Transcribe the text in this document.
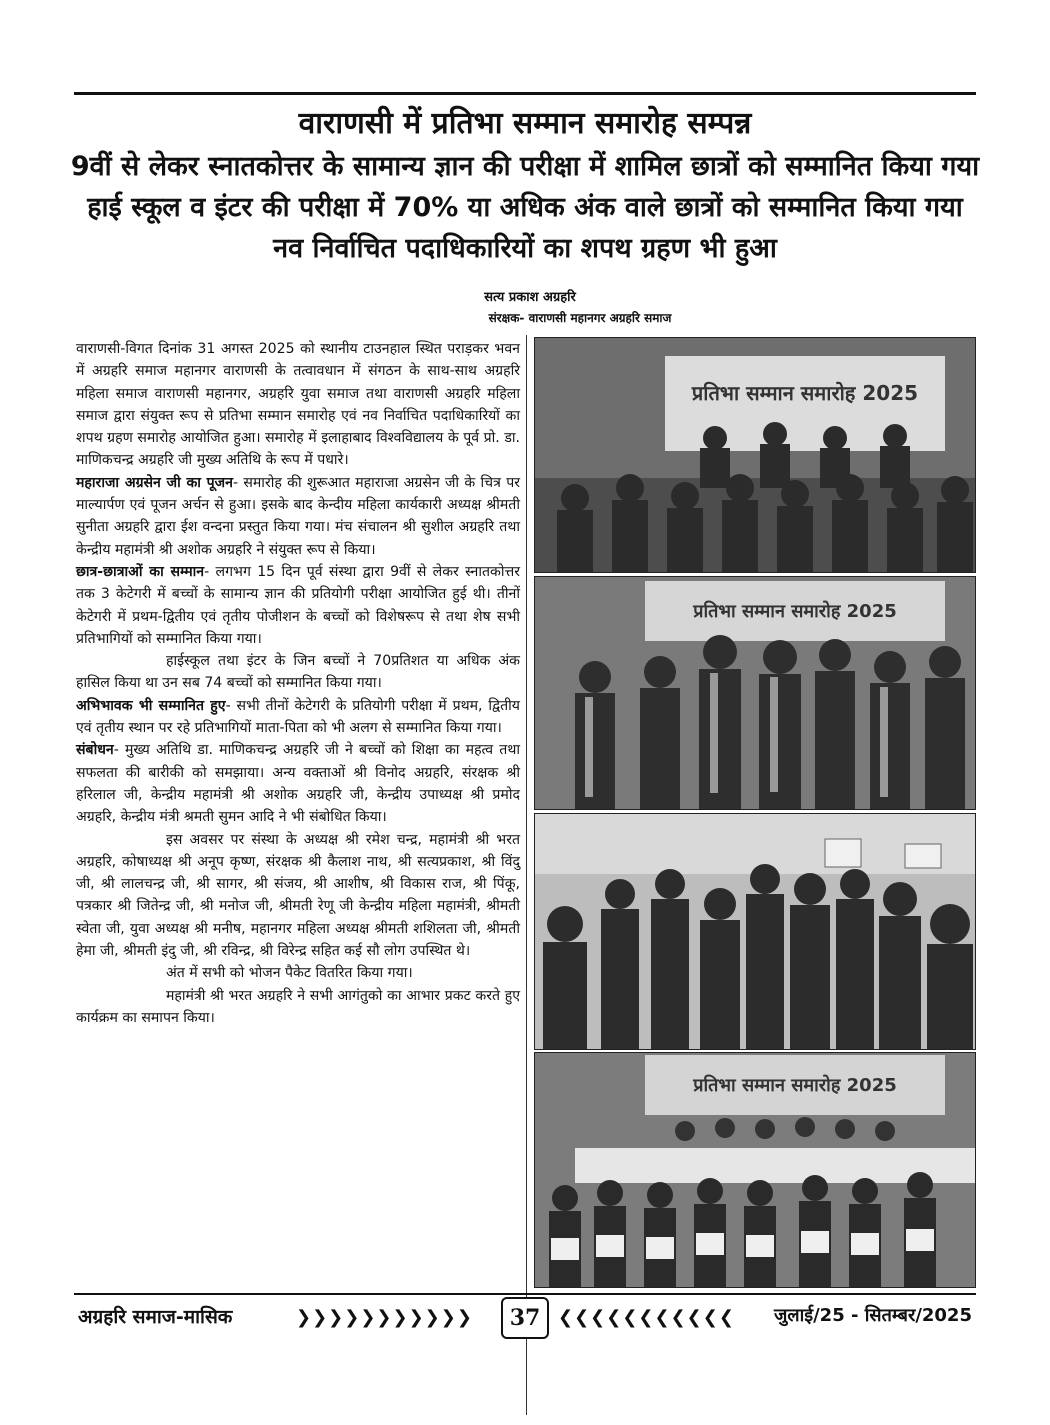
वाराणसी में प्रतिभा सम्मान समारोह सम्पन्न
9वीं से लेकर स्नातकोत्तर के सामान्य ज्ञान की परीक्षा में शामिल छात्रों को सम्मानित किया गया
हाई स्कूल व इंटर की परीक्षा में 70% या अधिक अंक वाले छात्रों को सम्मानित किया गया
नव निर्वाचित पदाधिकारियों का शपथ ग्रहण भी हुआ
सत्य प्रकाश अग्रहरि
संरक्षक- वाराणसी महानगर अग्रहरि समाज

वाराणसी-विगत दिनांक 31 अगस्त 2025 को स्थानीय टाउनहाल स्थित पराड़कर भवन में अग्रहरि समाज महानगर वाराणसी के तत्वावधान में संगठन के साथ-साथ अग्रहरि महिला समाज वाराणसी महानगर, अग्रहरि युवा समाज तथा वाराणसी अग्रहरि महिला समाज द्वारा संयुक्त रूप से प्रतिभा सम्मान समारोह एवं नव निर्वाचित पदाधिकारियों का शपथ ग्रहण समारोह आयोजित हुआ। समारोह में इलाहाबाद विश्वविद्यालय के पूर्व प्रो. डा. माणिकचन्द्र अग्रहरि जी मुख्य अतिथि के रूप में पधारे।

महाराजा अग्रसेन जी का पूजन- समारोह की शुरूआत महाराजा अग्रसेन जी के चित्र पर माल्यार्पण एवं पूजन अर्चन से हुआ। इसके बाद केन्दीय महिला कार्यकारी अध्यक्ष श्रीमती सुनीता अग्रहरि द्वारा ईश वन्दना प्रस्तुत किया गया। मंच संचालन श्री सुशील अग्रहरि तथा केन्द्रीय महामंत्री श्री अशोक अग्रहरि ने संयुक्त रूप से किया।

छात्र-छात्राओं का सम्मान- लगभग 15 दिन पूर्व संस्था द्वारा 9वीं से लेकर स्नातकोत्तर तक 3 केटेगरी में बच्चों के सामान्य ज्ञान की प्रतियोगी परीक्षा आयोजित हुई थी। तीनों केटेगरी में प्रथम-द्वितीय एवं तृतीय पोजीशन के बच्चों को विशेषरूप से तथा शेष सभी प्रतिभागियों को सम्मानित किया गया।

हाईस्कूल तथा इंटर के जिन बच्चों ने 70प्रतिशत या अधिक अंक हासिल किया था उन सब 74 बच्चों को सम्मानित किया गया।

अभिभावक भी सम्मानित हुए- सभी तीनों केटेगरी के प्रतियोगी परीक्षा में प्रथम, द्वितीय एवं तृतीय स्थान पर रहे प्रतिभागियों माता-पिता को भी अलग से सम्मानित किया गया।

संबोधन- मुख्य अतिथि डा. माणिकचन्द्र अग्रहरि जी ने बच्चों को शिक्षा का महत्व तथा सफलता की बारीकी को समझाया। अन्य वक्ताओं श्री विनोद अग्रहरि, संरक्षक श्री हरिलाल जी, केन्द्रीय महामंत्री श्री अशोक अग्रहरि जी, केन्द्रीय उपाध्यक्ष श्री प्रमोद अग्रहरि, केन्द्रीय मंत्री श्रमती सुमन आदि ने भी संबोधित किया।

इस अवसर पर संस्था के अध्यक्ष श्री रमेश चन्द्र, महामंत्री श्री भरत अग्रहरि, कोषाध्यक्ष श्री अनूप कृष्ण, संरक्षक श्री कैलाश नाथ, श्री सत्यप्रकाश, श्री विंदु जी, श्री लालचन्द्र जी, श्री सागर, श्री संजय, श्री आशीष, श्री विकास राज, श्री पिंकू, पत्रकार श्री जितेन्द्र जी, श्री मनोज जी, श्रीमती रेणू जी केन्द्रीय महिला महामंत्री, श्रीमती स्वेता जी, युवा अध्यक्ष श्री मनीष, महानगर महिला अध्यक्ष श्रीमती शशिलता जी, श्रीमती हेमा जी, श्रीमती इंदु जी, श्री रविन्द्र, श्री विरेन्द्र सहित कई सौ लोग उपस्थित थे।

अंत में सभी को भोजन पैकेट वितरित किया गया।

महामंत्री श्री भरत अग्रहरि ने सभी आगंतुको का आभार प्रकट करते हुए कार्यक्रम का समापन किया।

प्रतिभा सम्मान समारोह 2025
प्रतिभा सम्मान समारोह 2025
प्रतिभा सम्मान समारोह 2025
अग्रहरि समाज-मासिक	❯❯❯❯❯❯❯❯❯❯❯	37 ❮❮❮❮❮❮❮❮❮❮❮ जुलाई/25 - सितम्बर/2025
